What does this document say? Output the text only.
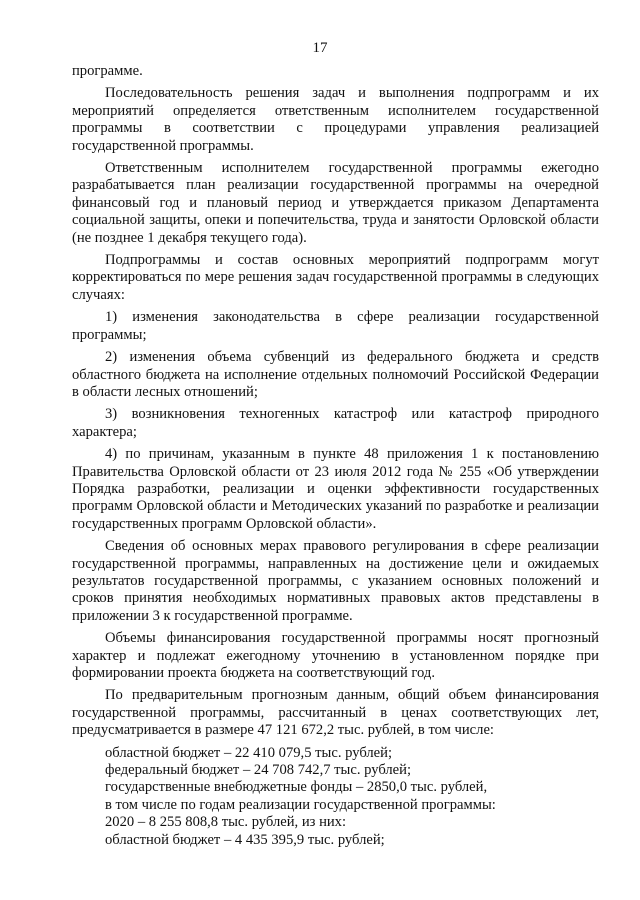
17

программе.

Последовательность решения задач и выполнения подпрограмм и их мероприятий определяется ответственным исполнителем государственной программы в соответствии с процедурами управления реализацией государственной программы.

Ответственным исполнителем государственной программы ежегодно разрабатывается план реализации государственной программы на очередной финансовый год и плановый период и утверждается приказом Департамента социальной защиты, опеки и попечительства, труда и занятости Орловской области (не позднее 1 декабря текущего года).

Подпрограммы и состав основных мероприятий подпрограмм могут корректироваться по мере решения задач государственной программы в следующих случаях:

1) изменения законодательства в сфере реализации государственной программы;

2) изменения объема субвенций из федерального бюджета и средств областного бюджета на исполнение отдельных полномочий Российской Федерации в области лесных отношений;

3) возникновения техногенных катастроф или катастроф природного характера;

4) по причинам, указанным в пункте 48 приложения 1 к постановлению Правительства Орловской области от 23 июля 2012 года № 255 «Об утверждении Порядка разработки, реализации и оценки эффективности государственных программ Орловской области и Методических указаний по разработке и реализации государственных программ Орловской области».

Сведения об основных мерах правового регулирования в сфере реализации государственной программы, направленных на достижение цели и ожидаемых результатов государственной программы, с указанием основных положений и сроков принятия необходимых нормативных правовых актов представлены в приложении 3 к государственной программе.

Объемы финансирования государственной программы носят прогнозный характер и подлежат ежегодному уточнению в установленном порядке при формировании проекта бюджета на соответствующий год.

По предварительным прогнозным данным, общий объем финансирования государственной программы, рассчитанный в ценах соответствующих лет, предусматривается в размере 47 121 672,2 тыс. рублей, в том числе:

областной бюджет – 22 410 079,5 тыс. рублей;
федеральный бюджет – 24 708 742,7 тыс. рублей;
государственные внебюджетные фонды – 2850,0 тыс. рублей,
в том числе по годам реализации государственной программы:
2020 – 8 255 808,8 тыс. рублей, из них:
областной бюджет – 4 435 395,9 тыс. рублей;
